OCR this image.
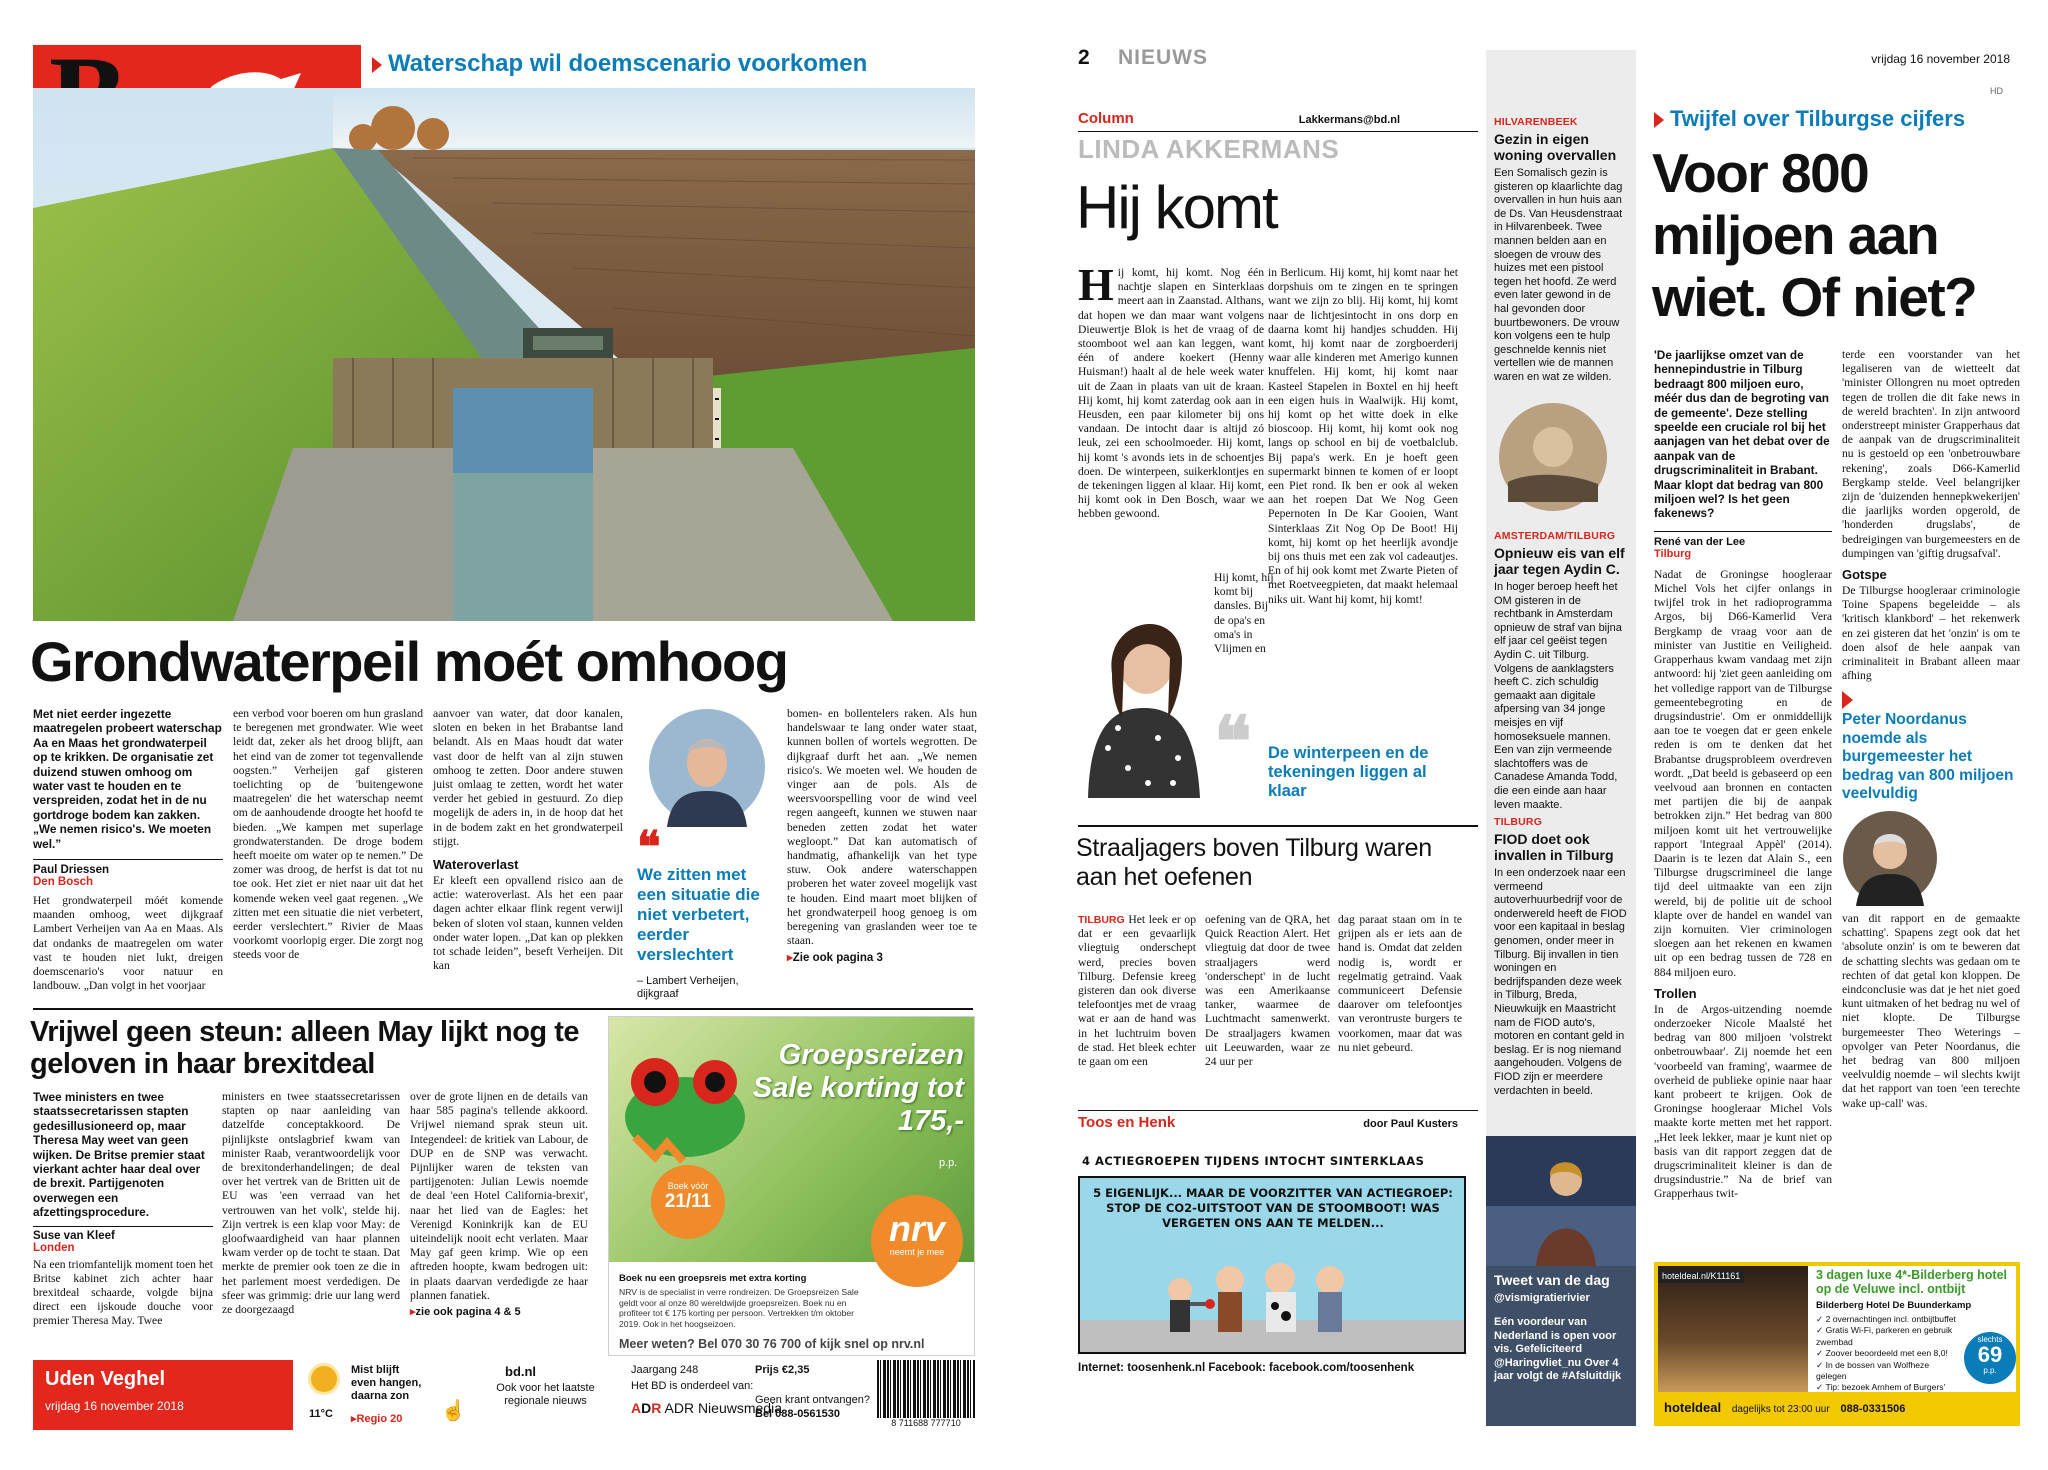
Waterschap wil doemscenario voorkomen
Grondwaterpeil moét omhoog
Met niet eerder ingezette maatregelen probeert waterschap Aa en Maas het grondwaterpeil op te krikken. De organisatie zet duizend stuwen omhoog om water vast te houden en te verspreiden, zodat het in de nu gortdroge bodem kan zakken. „We nemen risico's. We moeten wel.”
Paul Driessen
Den Bosch

Het grondwaterpeil móét komende maanden omhoog, weet dijkgraaf Lambert Verheijen van Aa en Maas. Als dat ondanks de maatregelen om water vast te houden niet lukt, dreigen doemscenario's voor natuur en landbouw. „Dan volgt in het voorjaar

een verbod voor boeren om hun grasland te beregenen met grondwater. Wie weet leidt dat, zeker als het droog blijft, aan het eind van de zomer tot tegenvallende oogsten.” Verheijen gaf gisteren toelichting op de 'buitengewone maatregelen' die het waterschap neemt om de aanhoudende droogte het hoofd te bieden. „We kampen met superlage grondwaterstanden. De droge bodem heeft moeite om water op te nemen.” De zomer was droog, de herfst is dat tot nu toe ook. Het ziet er niet naar uit dat het komende weken veel gaat regenen. „We zitten met een situatie die niet verbetert, eerder verslechtert.” Rivier de Maas voorkomt voorlopig erger. Die zorgt nog steeds voor de

aanvoer van water, dat door kanalen, sloten en beken in het Brabantse land belandt. Als en Maas houdt dat water vast door de helft van al zijn stuwen omhoog te zetten. Door andere stuwen juist omlaag te zetten, wordt het water verder het gebied in gestuurd. Zo diep mogelijk de aders in, in de hoop dat het in de bodem zakt en het grondwaterpeil stijgt.

Wateroverlast

Er kleeft een opvallend risico aan de actie: wateroverlast. Als het een paar dagen achter elkaar flink regent verwijl beken of sloten vol staan, kunnen velden onder water lopen. „Dat kan op plekken tot schade leiden”, beseft Verheijen. Dit kan

❝
We zitten met een situatie die niet verbetert, eerder verslechtert
– Lambert Verheijen, dijkgraaf

bomen- en bollentelers raken. Als hun handelswaar te lang onder water staat, kunnen bollen of wortels wegrotten. De dijkgraaf durft het aan. „We nemen risico's. We moeten wel. We houden de vinger aan de pols. Als de weersvoorspelling voor de wind veel regen aangeeft, kunnen we stuwen naar beneden zetten zodat het water wegloopt.” Dat kan automatisch of handmatig, afhankelijk van het type stuw. Ook andere waterschappen proberen het water zoveel mogelijk vast te houden. Eind maart moet blijken of het grondwaterpeil hoog genoeg is om beregening van graslanden weer toe te staan.

▸Zie ook pagina 3
Vrijwel geen steun: alleen May lijkt nog te geloven in haar brexitdeal
Twee ministers en twee staatssecretarissen stapten gedesillusioneerd op, maar Theresa May weet van geen wijken. De Britse premier staat vierkant achter haar deal over de brexit. Partijgenoten overwegen een afzettingsprocedure.
Suse van Kleef
Londen

Na een triomfantelijk moment toen het Britse kabinet zich achter haar brexitdeal schaarde, volgde bijna direct een ijskoude douche voor premier Theresa May. Twee

ministers en twee staatssecretarissen stapten op naar aanleiding van datzelfde conceptakkoord. De pijnlijkste ontslagbrief kwam van minister Raab, verantwoordelijk voor de brexitonderhandelingen; de deal over het vertrek van de Britten uit de EU was 'een verraad van het vertrouwen van het volk', stelde hij. Zijn vertrek is een klap voor May: de gloofwaardigheid van haar plannen kwam verder op de tocht te staan. Dat merkte de premier ook toen ze die in het parlement moest verdedigen. De sfeer was grimmig: drie uur lang werd ze doorgezaagd

over de grote lijnen en de details van haar 585 pagina's tellende akkoord. Vrijwel niemand sprak steun uit. Integendeel: de kritiek van Labour, de DUP en de SNP was verwacht. Pijnlijker waren de teksten van partijgenoten: Julian Lewis noemde de deal 'een Hotel California-brexit', naar het lied van de Eagles: het Verenigd Koninkrijk kan de EU uiteindelijk nooit echt verlaten. Maar May gaf geen krimp. Wie op een aftreden hoopte, kwam bedrogen uit: in plaats daarvan verdedigde ze haar plannen fanatiek.

▸zie ook pagina 4 & 5
Groepsreizen Sale korting tot 175,-
p.p.
Boek vóór
21/11
nrv
neemt je mee
Boek nu een groepsreis met extra korting
NRV is de specialist in verre rondreizen. De Groepsreizen Sale geldt voor al onze 80 wereldwijde groepsreizen. Boek nu en profiteer tot € 175 korting per persoon. Vertrekken t/m oktober 2019. Ook in het hoogseizoen.
Meer weten? Bel 070 30 76 700 of kijk snel op nrv.nl
Uden Veghel
vrijdag 16 november 2018
11°C
Mist blijft even hangen, daarna zon
▸Regio 20 ☝
bd.nl
Ook voor het laatste regionale nieuws
Jaargang 248
Het BD is onderdeel van:
ADR ADR Nieuwsmedia
Prijs €2,35
Geen krant ontvangen?
Bel 088-0561530
8 711688 777710
2 NIEUWS	vrijdag 16 november 2018
HD
Column	Lakkermans@bd.nl
LINDA AKKERMANS
Hij komt
H ij komt, hij komt. Nog één nachtje slapen en Sinterklaas meert aan in Zaanstad. Althans, dat hopen we dan maar want volgens Dieuwertje Blok is het de vraag of de stoomboot wel aan kan leggen, want één of andere koekert (Henny Huisman!) haalt al de hele week water uit de Zaan in plaats van uit de kraan. Hij komt, hij komt zaterdag ook aan in Heusden, een paar kilometer bij ons vandaan. De intocht daar is altijd zó leuk, zei een schoolmoeder. Hij komt, hij komt 's avonds iets in de schoentjes doen. De winterpeen, suikerklontjes en de tekeningen liggen al klaar. Hij komt, hij komt ook in Den Bosch, waar we hebben gewoond.

Hij komt, hij komt bij dansles. Bij de opa's en oma's in Vlijmen en

in Berlicum. Hij komt, hij komt naar het dorpshuis om te zingen en te springen want we zijn zo blij. Hij komt, hij komt naar de lichtjesintocht in ons dorp en daarna komt hij handjes schudden. Hij komt, hij komt naar de zorgboerderij waar alle kinderen met Amerigo kunnen knuffelen. Hij komt, hij komt naar Kasteel Stapelen in Boxtel en hij heeft een eigen huis in Waalwijk. Hij komt, hij komt op het witte doek in elke bioscoop. Hij komt, hij komt ook nog langs op school en bij de voetbalclub. Bij papa's werk. En je hoeft geen supermarkt binnen te komen of er loopt een Piet rond. Ik ben er ook al weken aan het roepen Dat We Nog Geen Pepernoten In De Kar Gooien, Want Sinterklaas Zit Nog Op De Boot! Hij komt, hij komt op het heerlijk avondje bij ons thuis met een zak vol cadeautjes. En of hij ook komt met Zwarte Pieten of met Roetveegpieten, dat maakt helemaal niks uit. Want hij komt, hij komt!

❝ De winterpeen en de tekeningen liggen al klaar
Straaljagers boven Tilburg waren aan het oefenen

TILBURG Het leek er op dat er een gevaarlijk vliegtuig onderschept werd, precies boven Tilburg. Defensie kreeg gisteren dan ook diverse telefoontjes met de vraag wat er aan de hand was in het luchtruim boven de stad. Het bleek echter te gaan om een

oefening van de QRA, het Quick Reaction Alert. Het vliegtuig dat door de twee straaljagers werd 'onderschept' in de lucht was een Amerikaanse tanker, waarmee de Luchtmacht samenwerkt. De straaljagers kwamen uit Leeuwarden, waar ze 24 uur per

dag paraat staan om in te grijpen als er iets aan de hand is. Omdat dat zelden nodig is, wordt er regelmatig getraind. Vaak communiceert Defensie daarover om telefoontjes van verontruste burgers te voorkomen, maar dat was nu niet gebeurd.

Toos en Henk	door Paul Kusters
4 ACTIEGROEPEN TIJDENS INTOCHT SINTERKLAAS
5 EIGENLIJK... MAAR DE VOORZITTER VAN ACTIEGROEP: STOP DE CO2-UITSTOOT VAN DE STOOMBOOT! WAS VERGETEN ONS AAN TE MELDEN...
Internet: toosenhenk.nl Facebook: facebook.com/toosenhenk
HILVARENBEEK
Gezin in eigen woning overvallen

Een Somalisch gezin is gisteren op klaarlichte dag overvallen in hun huis aan de Ds. Van Heusdenstraat in Hilvarenbeek. Twee mannen belden aan en sloegen de vrouw des huizes met een pistool tegen het hoofd. Ze werd even later gewond in de hal gevonden door buurtbewoners. De vrouw kon volgens een te hulp geschnelde kennis niet vertellen wie de mannen waren en wat ze wilden.

AMSTERDAM/TILBURG
Opnieuw eis van elf jaar tegen Aydin C.

In hoger beroep heeft het OM gisteren in de rechtbank in Amsterdam opnieuw de straf van bijna elf jaar cel geëist tegen Aydin C. uit Tilburg. Volgens de aanklagsters heeft C. zich schuldig gemaakt aan digitale afpersing van 34 jonge meisjes en vijf homoseksuele mannen. Een van zijn vermeende slachtoffers was de Canadese Amanda Todd, die een einde aan haar leven maakte.

TILBURG
FIOD doet ook invallen in Tilburg

In een onderzoek naar een vermeend autoverhuurbedrijf voor de onderwereld heeft de FIOD voor een kapitaal in beslag genomen, onder meer in Tilburg. Bij invallen in tien woningen en bedrijfspanden deze week in Tilburg, Breda, Nieuwkuijk en Maastricht nam de FIOD auto's, motoren en contant geld in beslag. Er is nog niemand aangehouden. Volgens de FIOD zijn er meerdere verdachten in beeld.

Tweet van de dag
@vismigratierivier
Eén voordeur van Nederland is open voor vis. Gefeliciteerd @Haringvliet_nu Over 4 jaar volgt de #Afsluitdijk
Twijfel over Tilburgse cijfers
Voor 800 miljoen aan wiet. Of niet?
'De jaarlijkse omzet van de hennepindustrie in Tilburg bedraagt 800 miljoen euro, méér dus dan de begroting van de gemeente'. Deze stelling speelde een cruciale rol bij het aanjagen van het debat over de aanpak van de drugscriminaliteit in Brabant. Maar klopt dat bedrag van 800 miljoen wel? Is het geen fakenews?
René van der Lee
Tilburg

Nadat de Groningse hoogleraar Michel Vols het cijfer onlangs in twijfel trok in het radioprogramma Argos, bij D66-Kamerlid Vera Bergkamp de vraag voor aan de minister van Justitie en Veiligheid. Grapperhaus kwam vandaag met zijn antwoord: hij 'ziet geen aanleiding om het volledige rapport van de Tilburgse gemeentebegroting en de drugsindustrie'. Om er onmiddellijk aan toe te voegen dat er geen enkele reden is om te denken dat het Brabantse drugsprobleem overdreven wordt. „Dat beeld is gebaseerd op een veelvoud aan bronnen en contacten met partijen die bij de aanpak betrokken zijn.” Het bedrag van 800 miljoen komt uit het vertrouwelijke rapport 'Integraal Appèl' (2014). Daarin is te lezen dat Alain S., een Tilburgse drugscrimineel die lange tijd deel uitmaakte van een zijn wereld, bij de politie uit de school klapte over de handel en wandel van zijn kornuiten. Vier criminologen sloegen aan het rekenen en kwamen uit op een bedrag tussen de 728 en 884 miljoen euro.

Trollen

In de Argos-uitzending noemde onderzoeker Nicole Maalsté het bedrag van 800 miljoen 'volstrekt onbetrouwbaar'. Zij noemde het een 'voorbeeld van framing', waarmee de overheid de publieke opinie naar haar kant probeert te krijgen. Ook de Groningse hoogleraar Michel Vols maakte korte metten met het rapport. „Het leek lekker, maar je kunt niet op basis van dit rapport zeggen dat de drugscriminaliteit kleiner is dan de drugsindustrie.” Na de brief van Grapperhaus twit-

terde een voorstander van het legaliseren van de wietteelt dat 'minister Ollongren nu moet optreden tegen de trollen die dit fake news in de wereld brachten'. In zijn antwoord onderstreept minister Grapperhaus dat de aanpak van de drugscriminaliteit nu is gestoeld op een 'onbetrouwbare rekening', zoals D66-Kamerlid Bergkamp stelde. Veel belangrijker zijn de 'duizenden hennepkwekerijen' die jaarlijks worden opgerold, de 'honderden drugslabs', de bedreigingen van burgemeesters en de dumpingen van 'giftig drugsafval'.

Gotspe

De Tilburgse hoogleraar criminologie Toine Spapens begeleidde – als 'kritisch klankbord' – het rekenwerk en zei gisteren dat het 'onzin' is om te doen alsof de hele aanpak van criminaliteit in Brabant alleen maar afhing

Peter Noordanus noemde als burgemeester het bedrag van 800 miljoen veelvuldig

van dit rapport en de gemaakte schatting'. Spapens zegt ook dat het 'absolute onzin' is om te beweren dat de schatting slechts was gedaan om te rechten of dat getal kon kloppen. De eindconclusie was dat je het niet goed kunt uitmaken of het bedrag nu wel of niet klopte. De Tilburgse burgemeester Theo Weterings – opvolger van Peter Noordanus, die het bedrag van 800 miljoen veelvuldig noemde – wil slechts kwijt dat het rapport van toen 'een terechte wake up-call' was.

hoteldeal.nl/K11161	3 dagen luxe 4*-Bilderberg hotel op de Veluwe incl. ontbijt
Bilderberg Hotel De Buunderkamp
✓ 2 overnachtingen incl. ontbijtbuffet
✓ Gratis Wi-Fi, parkeren en gebruik zwembad
✓ Zoover beoordeeld met een 8,0!
✓ In de bossen van Wolfheze gelegen
✓ Tip: bezoek Arnhem of Burgers'
slechts
69
p.p.
hoteldeal dagelijks tot 23:00 uur 088-0331506
